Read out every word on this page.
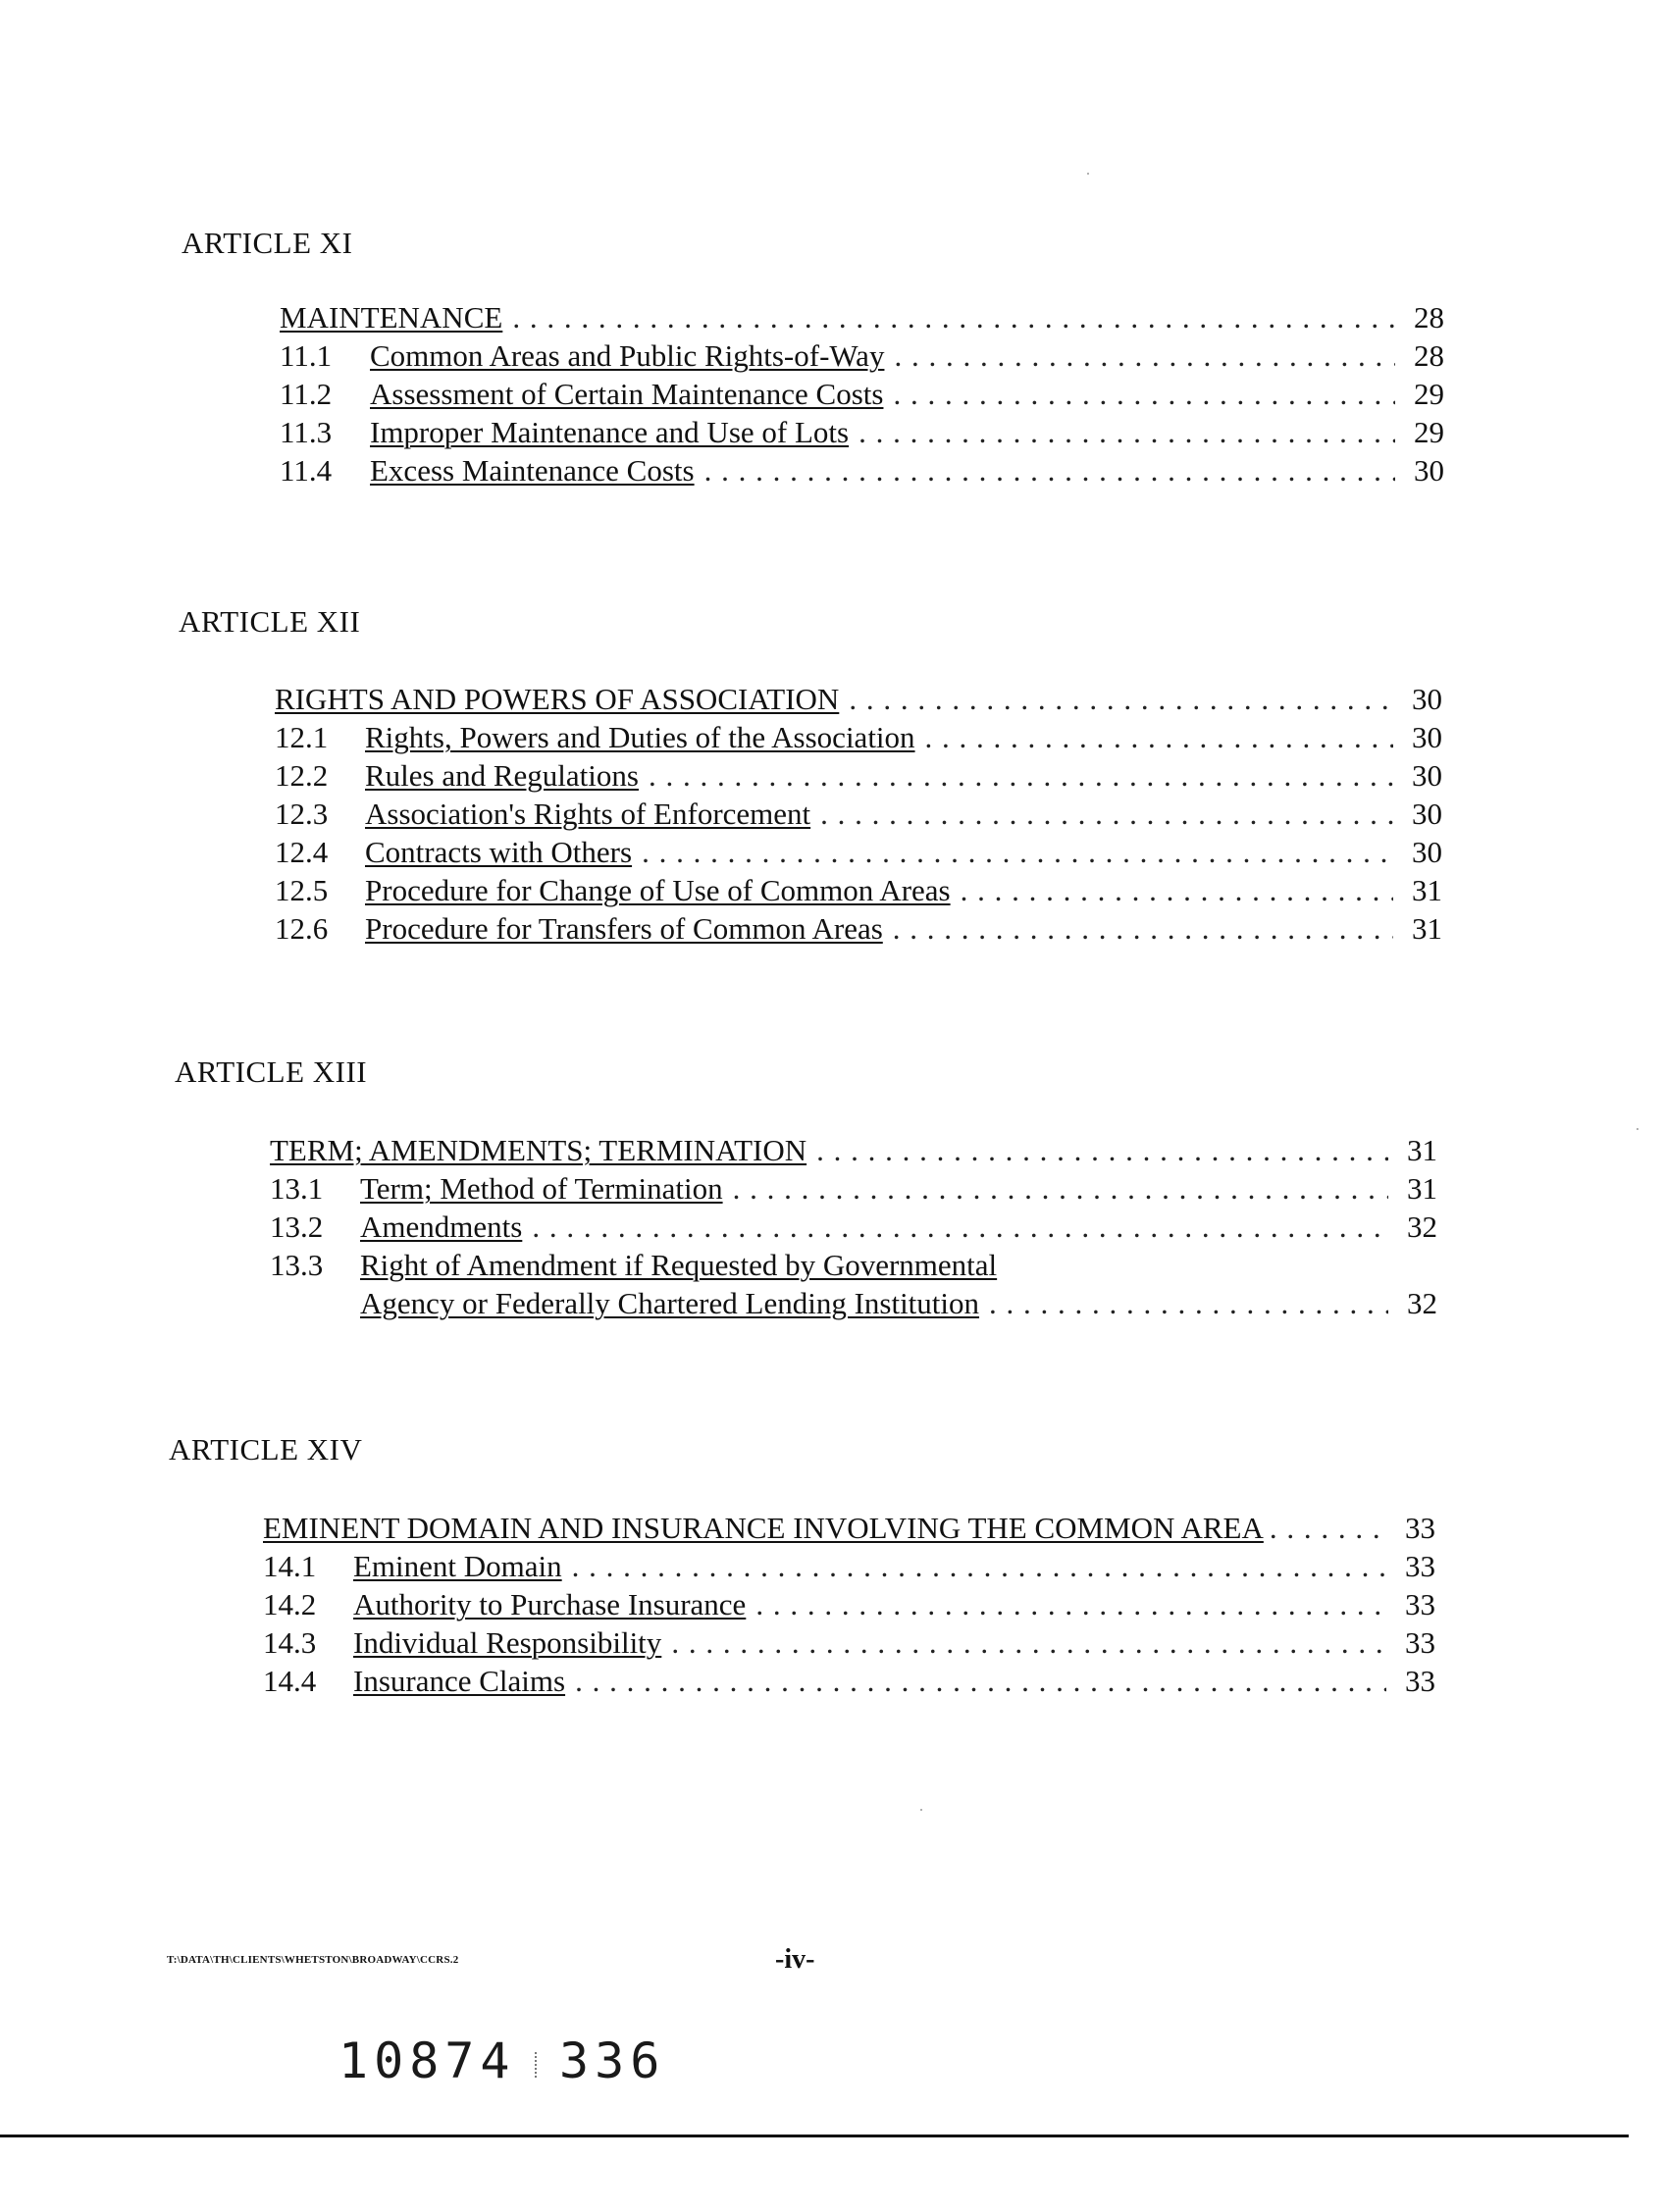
ARTICLE XI
MAINTENANCE . . .	28
11.1	Common Areas and Public Rights-of-Way . . .	28
11.2	Assessment of Certain Maintenance Costs . . .	29
11.3	Improper Maintenance and Use of Lots . . .	29
11.4	Excess Maintenance Costs . . .	30
ARTICLE XII
RIGHTS AND POWERS OF ASSOCIATION . . .	30
12.1	Rights, Powers and Duties of the Association . . .	30
12.2	Rules and Regulations . . .	30
12.3	Association's Rights of Enforcement . . .	30
12.4	Contracts with Others . . .	30
12.5	Procedure for Change of Use of Common Areas . . .	31
12.6	Procedure for Transfers of Common Areas . . .	31
ARTICLE XIII
TERM; AMENDMENTS; TERMINATION . . .	31
13.1	Term; Method of Termination . . .	31
13.2	Amendments . . .	32
13.3	Right of Amendment if Requested by Governmental
Agency or Federally Chartered Lending Institution . . .	32
ARTICLE XIV
EMINENT DOMAIN AND INSURANCE INVOLVING THE COMMON AREA . . .	33
14.1	Eminent Domain . . .	33
14.2	Authority to Purchase Insurance . . .	33
14.3	Individual Responsibility . . .	33
14.4	Insurance Claims . . .	33
T:\DATA\TH\CLIENTS\WHETSTON\BROADWAY\CCRS.2	-iv-
10874 336
